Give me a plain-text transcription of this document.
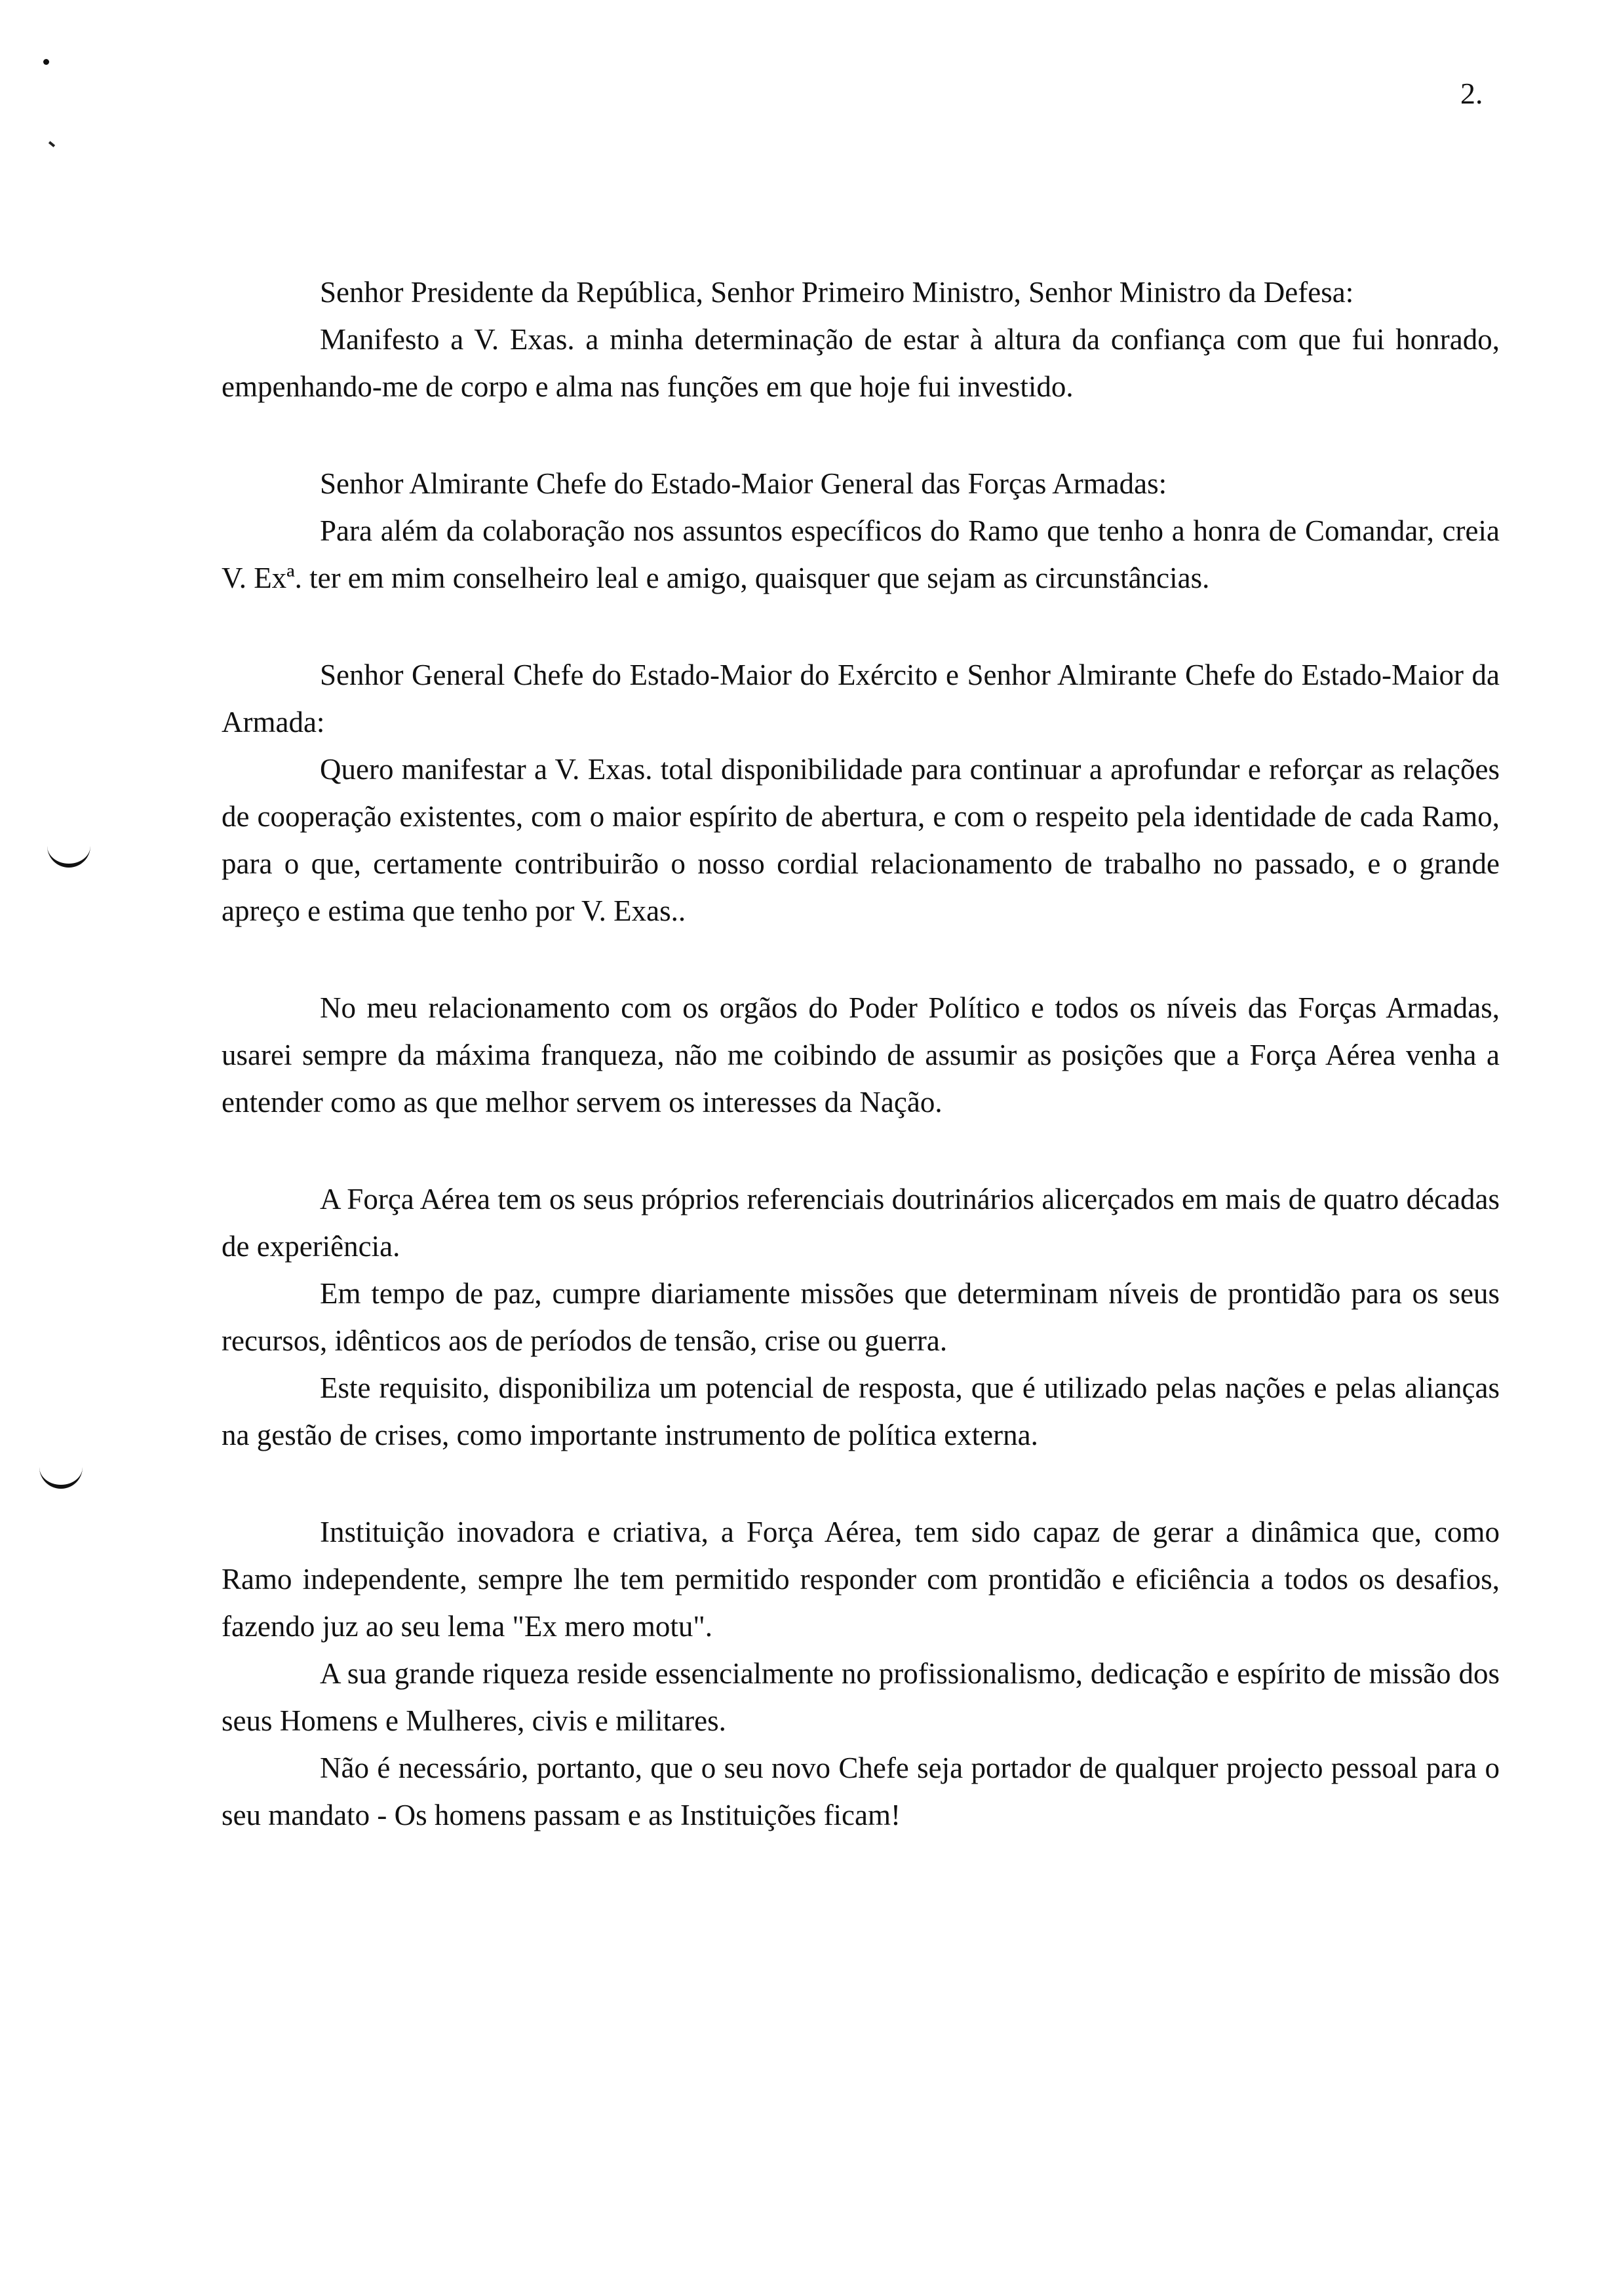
2.

Senhor Presidente da República, Senhor Primeiro Ministro, Senhor Ministro da Defesa:

Manifesto a V. Exas. a minha determinação de estar à altura da confiança com que fui honrado, empenhando-me de corpo e alma nas funções em que hoje fui investido.

Senhor Almirante Chefe do Estado-Maior General das Forças Armadas:

Para além da colaboração nos assuntos específicos do Ramo que tenho a honra de Comandar, creia V. Exª. ter em mim conselheiro leal e amigo, quaisquer que sejam as circunstâncias.

Senhor General Chefe do Estado-Maior do Exército e Senhor Almirante Chefe do Estado-Maior da Armada:

Quero manifestar a V. Exas. total disponibilidade para continuar a aprofundar e reforçar as relações de cooperação existentes, com o maior espírito de abertura, e com o respeito pela identidade de cada Ramo, para o que, certamente contribuirão o nosso cordial relacionamento de trabalho no passado, e o grande apreço e estima que tenho por V. Exas..

No meu relacionamento com os orgãos do Poder Político e todos os níveis das Forças Armadas, usarei sempre da máxima franqueza, não me coibindo de assumir as posições que a Força Aérea venha a entender como as que melhor servem os interesses da Nação.

A Força Aérea tem os seus próprios referenciais doutrinários alicerçados em mais de quatro décadas de experiência.

Em tempo de paz, cumpre diariamente missões que determinam níveis de prontidão para os seus recursos, idênticos aos de períodos de tensão, crise ou guerra.

Este requisito, disponibiliza um potencial de resposta, que é utilizado pelas nações e pelas alianças na gestão de crises, como importante instrumento de política externa.

Instituição inovadora e criativa, a Força Aérea, tem sido capaz de gerar a dinâmica que, como Ramo independente, sempre lhe tem permitido responder com prontidão e eficiência a todos os desafios, fazendo juz ao seu lema "Ex mero motu".

A sua grande riqueza reside essencialmente no profissionalismo, dedicação e espírito de missão dos seus Homens e Mulheres, civis e militares.

Não é necessário, portanto, que o seu novo Chefe seja portador de qualquer projecto pessoal para o seu mandato - Os homens passam e as Instituições ficam!
